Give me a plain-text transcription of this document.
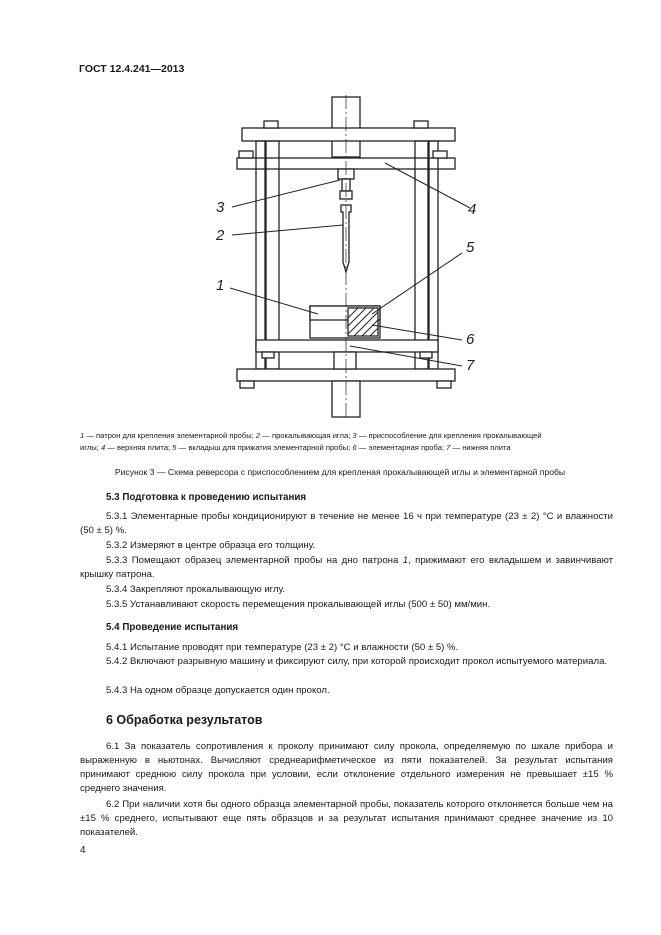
ГОСТ 12.4.241—2013
3
2
1
4
5
6
7
1 — патрон для крепления элементарной пробы; 2 — прокалывающая игла; 3 — приспособление для крепления прокалывающей
иглы; 4 — верхняя плита; 5 — вкладыш для прижатия элементарной пробы; 6 — элементарная проба; 7 — нижняя плита
Рисунок 3 — Схема реверсора с приспособлением для крепленая прокалывающей иглы и элементарной пробы
5.3 Подготовка к проведению испытания
5.3.1 Элементарные пробы кондиционируют в течение не менее 16 ч при температуре (23 ± 2) °С и влажности (50 ± 5) %.
5.3.2 Измеряют в центре образца его толщину.
5.3.3 Помещают образец элементарной пробы на дно патрона 1, прижимают его вкладышем и завинчивают крышку патрона.
5.3.4 Закрепляют прокалывающую иглу.
5.3.5 Устанавливают скорость перемещения прокалывающей иглы (500 ± 50) мм/мин.
5.4 Проведение испытания
5.4.1 Испытание проводят при температуре (23 ± 2) °С и влажности (50 ± 5) %.
5.4.2 Включают разрывную машину и фиксируют силу, при которой происходит прокол испытуемого материала.
5.4.3 На одном образце допускается один прокол.
6 Обработка результатов
6.1 За показатель сопротивления к проколу принимают силу прокола, определяемую по шкале прибора и выраженную в ньютонах. Вычисляют среднеарифметическое из пяти показателей. За результат испытания принимают среднюю силу прокола при условии, если отклонение отдельного измерения не превышает ±15 % среднего значения.
6.2 При наличии хотя бы одного образца элементарной пробы, показатель которого отклоняется больше чем на ±15 % среднего, испытывают еще пять образцов и за результат испытания принимают среднее значение из 10 показателей.
4
